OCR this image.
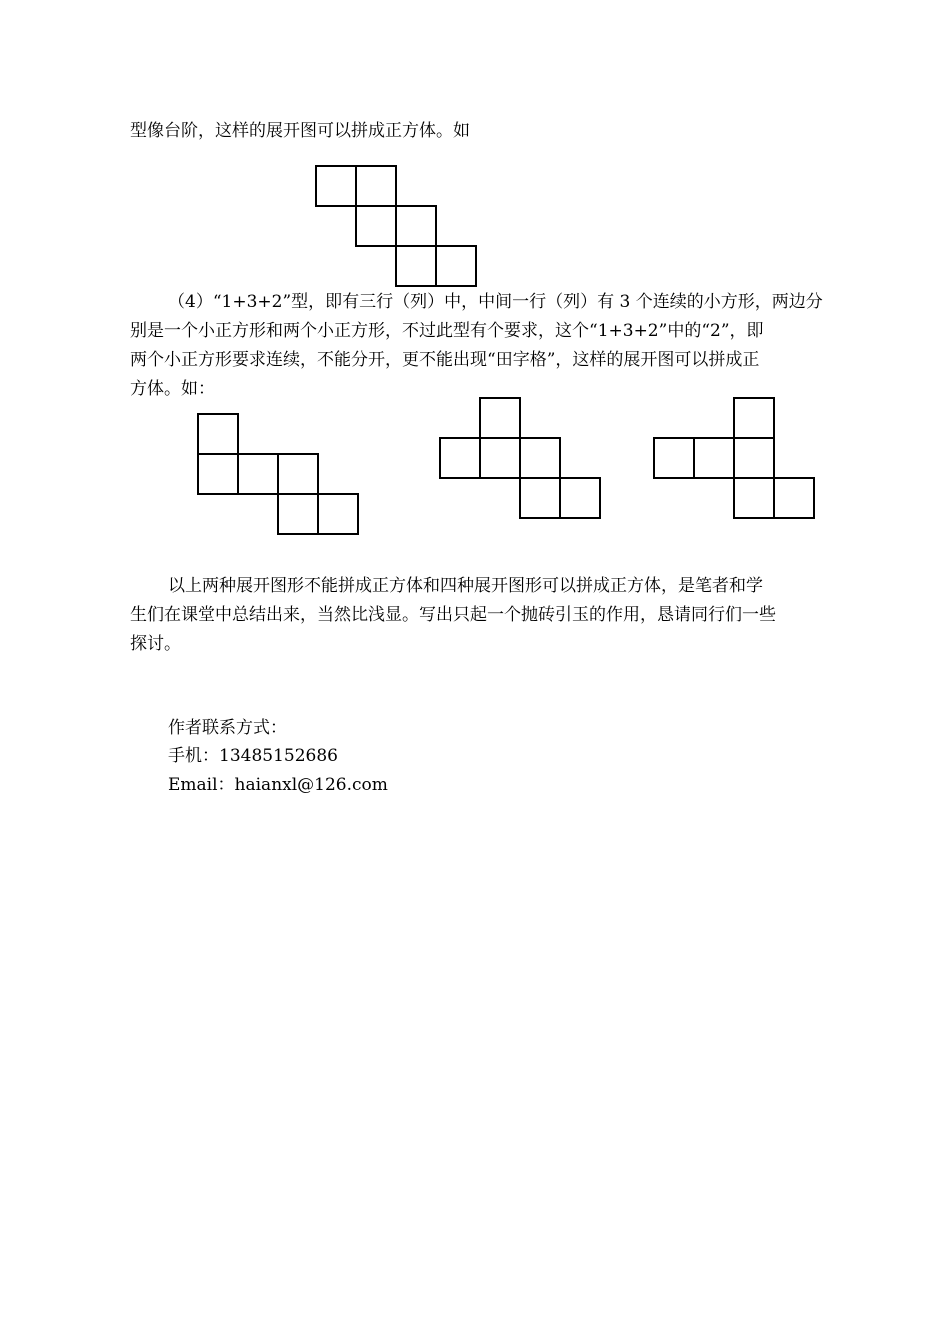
型像台阶，这样的展开图可以拼成正方体。如
（4）“1+3+2”型，即有三行（列）中，中间一行（列）有 3 个连续的小方形，两边分
别是一个小正方形和两个小正方形，不过此型有个要求，这个“1+3+2”中的“2”，即
两个小正方形要求连续，不能分开，更不能出现“田字格”，这样的展开图可以拼成正
方体。如：
以上两种展开图形不能拼成正方体和四种展开图形可以拼成正方体，是笔者和学
生们在课堂中总结出来，当然比浅显。写出只起一个抛砖引玉的作用，恳请同行们一些
探讨。
作者联系方式：
手机：13485152686
Email：haianxl@126.com
